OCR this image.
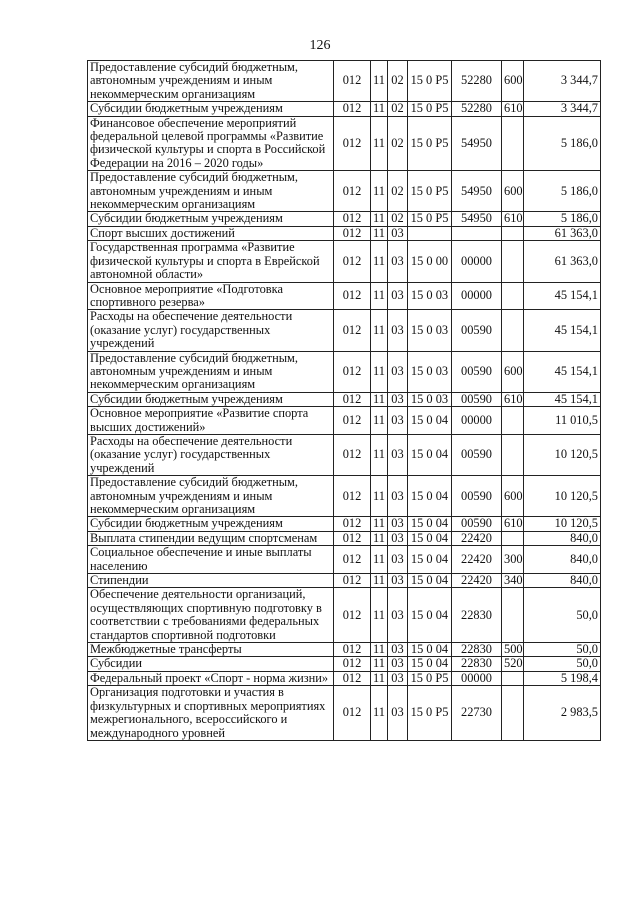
126
Предоставление субсидий бюджетным, автономным учреждениям и иным некоммерческим организациям	012	11	02	15 0 P5	52280	600	3 344,7
Субсидии бюджетным учреждениям	012	11	02	15 0 P5	52280	610	3 344,7
Финансовое обеспечение мероприятий федеральной целевой программы «Развитие физической культуры и спорта в Российской Федерации на 2016 – 2020 годы»	012	11	02	15 0 P5	54950		5 186,0
Предоставление субсидий бюджетным, автономным учреждениям и иным некоммерческим организациям	012	11	02	15 0 P5	54950	600	5 186,0
Субсидии бюджетным учреждениям	012	11	02	15 0 P5	54950	610	5 186,0
Спорт высших достижений	012	11	03				61 363,0
Государственная программа «Развитие физической культуры и спорта в Еврейской автономной области»	012	11	03	15 0 00	00000		61 363,0
Основное мероприятие «Подготовка спортивного резерва»	012	11	03	15 0 03	00000		45 154,1
Расходы на обеспечение деятельности (оказание услуг) государственных учреждений	012	11	03	15 0 03	00590		45 154,1
Предоставление субсидий бюджетным, автономным учреждениям и иным некоммерческим организациям	012	11	03	15 0 03	00590	600	45 154,1
Субсидии бюджетным учреждениям	012	11	03	15 0 03	00590	610	45 154,1
Основное мероприятие «Развитие спорта высших достижений»	012	11	03	15 0 04	00000		11 010,5
Расходы на обеспечение деятельности (оказание услуг) государственных учреждений	012	11	03	15 0 04	00590		10 120,5
Предоставление субсидий бюджетным, автономным учреждениям и иным некоммерческим организациям	012	11	03	15 0 04	00590	600	10 120,5
Субсидии бюджетным учреждениям	012	11	03	15 0 04	00590	610	10 120,5
Выплата стипендии ведущим спортсменам	012	11	03	15 0 04	22420		840,0
Социальное обеспечение и иные выплаты населению	012	11	03	15 0 04	22420	300	840,0
Стипендии	012	11	03	15 0 04	22420	340	840,0
Обеспечение деятельности организаций, осуществляющих спортивную подготовку в соответствии с требованиями федеральных стандартов спортивной подготовки	012	11	03	15 0 04	22830		50,0
Межбюджетные трансферты	012	11	03	15 0 04	22830	500	50,0
Субсидии	012	11	03	15 0 04	22830	520	50,0
Федеральный проект «Спорт - норма жизни»	012	11	03	15 0 P5	00000		5 198,4
Организация подготовки и участия в физкультурных и спортивных мероприятиях межрегионального, всероссийского и международного уровней	012	11	03	15 0 P5	22730		2 983,5
